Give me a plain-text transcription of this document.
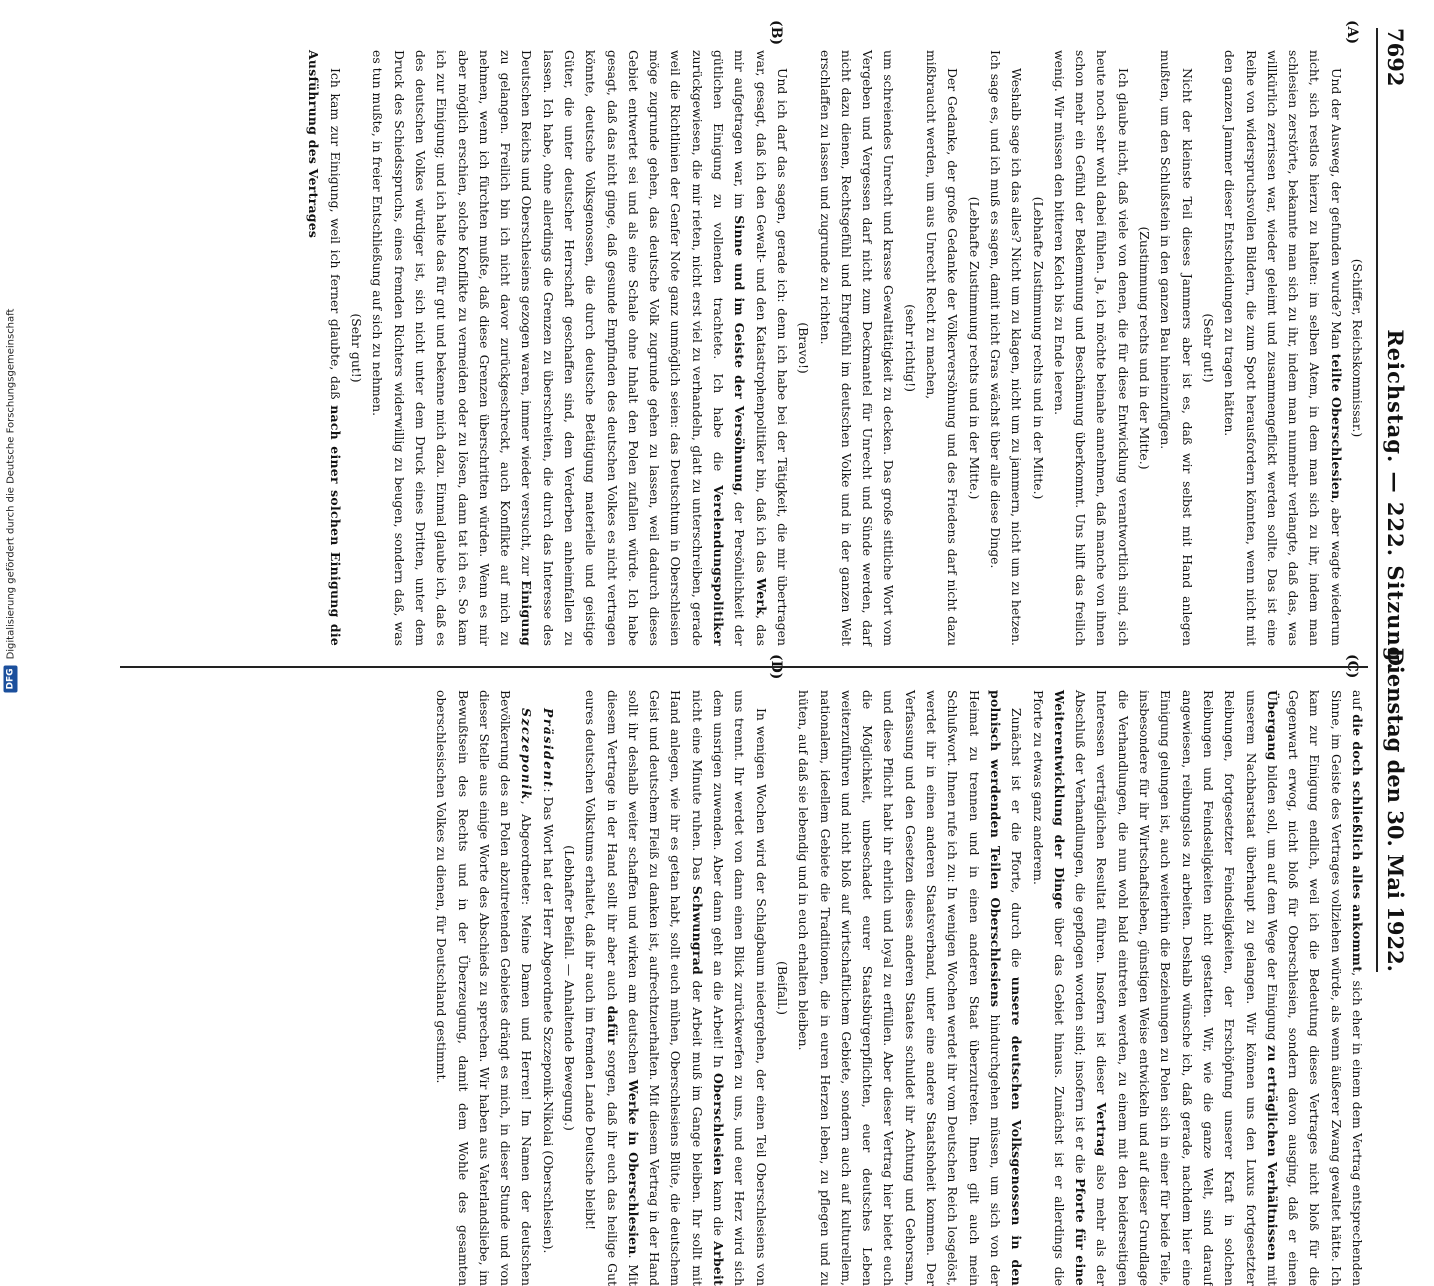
DFGDigitalisierung gefördert durch die Deutsche Forschungsgemeinschaft
7692
Reichstag. — 222. Sitzung.
Dienstag den 30. Mai 1922.
(A)
(B)
(C)
(D)

(Schiffer, Reichskommissar.)

Und der Ausweg, der gefunden wurde? Man teilte Oberschlesien, aber wagte wiederum nicht, sich restlos hierzu zu halten: im selben Atem, in dem man sich zu ihr, indem man schlesien zerstörte, bekannte man sich zu ihr, indem man nunmehr verlangte, daß das, was willkürlich zerrissen war, wieder geleimt und zusammengeflickt werden sollte. Das ist eine Reihe von widerspruchsvollen Bildern, die zum Spott herausfordern könnten, wenn nicht mit den ganzen Jammer dieser Entscheidungen zu tragen hätten.

(Sehr gut!)

Nicht der kleinste Teil dieses Jammers aber ist es, daß wir selbst mit Hand anlegen mußten, um den Schlußstein in den ganzen Bau hineinzufügen.

(Zustimmung rechts und in der Mitte.)

Ich glaube nicht, daß viele von denen, die für diese Entwicklung verantwortlich sind, sich heute noch sehr wohl dabei fühlen. Ja, ich möchte beinahe annehmen, daß manche von ihnen schon mehr ein Gefühl der Beklemmung und Beschämung überkommt. Uns hilft das freilich wenig. Wir müssen den bitteren Kelch bis zu Ende leeren.

(Lebhafte Zustimmung rechts und in der Mitte.)

Weshalb sage ich das alles? Nicht um zu klagen, nicht um zu jammern, nicht um zu hetzen. Ich sage es, und ich muß es sagen, damit nicht Gras wächst über alle diese Dinge.

(Lebhafte Zustimmung rechts und in der Mitte.)

Der Gedanke, der große Gedanke der Völkerversöhnung und des Friedens darf nicht dazu mißbraucht werden, um aus Unrecht Recht zu machen,

(sehr richtig!)

um schreiendes Unrecht und krasse Gewalttätigkeit zu decken. Das große sittliche Wort vom Vergeben und Vergessen darf nicht zum Deckmantel für Unrecht und Sünde werden, darf nicht dazu dienen, Rechtsgefühl und Ehrgefühl im deutschen Volke und in der ganzen Welt erschlaffen zu lassen und zugrunde zu richten.

(Bravo!)

Und ich darf das sagen, gerade ich: denn ich habe bei der Tätigkeit, die mir übertragen war, gesagt, daß ich den Gewalt- und den Katastrophenpolitiker bin, daß ich das Werk, das mir aufgetragen war, im Sinne und im Geiste der Versöhnung, der Persönlichkeit der gütlichen Einigung zu vollenden trachtete. Ich habe die Verelendungspolitiker zurückgewiesen, die mir rieten, nicht erst viel zu verhandeln, glatt zu unterschreiben, gerade weil die Richtlinien der Genfer Note ganz unmöglich seien: das Deutschtum in Oberschlesien möge zugrunde gehen, das deutsche Volk zugrunde gehen zu lassen, weil dadurch dieses Gebiet entwertet sei und als eine Schale ohne Inhalt den Polen zufallen würde. Ich habe gesagt, daß das nicht ginge, daß gesunde Empfinden des deutschen Volkes es nicht vertragen könnte, deutsche Volksgenossen, die durch deutsche Betätigung materielle und geistige Güter, die unter deutscher Herrschaft geschaffen sind, dem Verderben anheimfallen zu lassen. Ich habe, ohne allerdings die Grenzen zu überschreiten, die durch das Interesse des Deutschen Reichs und Oberschlesiens gezogen waren, immer wieder versucht, zur Einigung zu gelangen. Freilich bin ich nicht davor zurückgeschreckt, auch Konflikte auf mich zu nehmen, wenn ich fürchten mußte, daß diese Grenzen überschritten würden. Wenn es mir aber möglich erschien, solche Konflikte zu vermeiden oder zu lösen, dann tat ich es. So kam ich zur Einigung; und ich halte das für gut und bekenne mich dazu. Einmal glaube ich, daß es des deutschen Volkes würdiger ist, sich nicht unter dem Druck eines Dritten, unter dem Druck des Schiedsspruchs, eines fremden Richters widerwillig zu beugen, sondern daß, was es tun mußte, in freier Entschließung auf sich zu nehmen.

(Sehr gut!)

Ich kam zur Einigung, weil ich ferner glaubte, daß nach einer solchen Einigung die Ausführung des Vertrages

auf die doch schließlich alles ankommt, sich eher in einem dem Vertrag entsprechenden Sinne, im Geiste des Vertrages vollziehen würde, als wenn äußerer Zwang gewaltet hätte. Ich kam zur Einigung endlich, weil ich die Bedeutung dieses Vertrages nicht bloß für die Gegenwart erwog, nicht bloß für Oberschlesien, sondern davon ausging, daß er einen Übergang bilden soll, um auf dem Wege der Einigung zu erträglichen Verhältnissen mit unserem Nachbarstaat überhaupt zu gelangen. Wir können uns den Luxus fortgesetzter Reibungen, fortgesetzter Feindseligkeiten, der Erschöpfung unserer Kraft in solchen Reibungen und Feindseligkeiten nicht gestatten. Wir, wie die ganze Welt, sind darauf angewiesen, reibungslos zu arbeiten. Deshalb wünsche ich, daß gerade, nachdem hier eine Einigung gelungen ist, auch weiterhin die Beziehungen zu Polen sich in einer für beide Teile, insbesondere für ihr Wirtschaftsleben, günstigen Weise entwickeln und auf dieser Grundlage die Verhandlungen, die nun wohl bald eintreten werden, zu einem mit den beiderseitigen Interessen verträglichen Resultat führen. Insofern ist dieser Vertrag also mehr als der Abschluß der Verhandlungen, die gepflogen worden sind; insofern ist er die Pforte für eine Weiterentwicklung der Dinge über das Gebiet hinaus. Zunächst ist er allerdings die Pforte zu etwas ganz anderem.

Zunächst ist er die Pforte, durch die unsere deutschen Volksgenossen in den polnisch werdenden Teilen Oberschlesiens hindurchgehen müssen, um sich von der Heimat zu trennen und in einen anderen Staat überzutreten. Ihnen gilt auch mein Schlußwort. Ihnen rufe ich zu: In wenigen Wochen werdet ihr vom Deutschen Reich losgelöst, werdet ihr in einen anderen Staatsverband, unter eine andere Staatshoheit kommen. Der Verfassung und den Gesetzen dieses anderen Staates schuldet ihr Achtung und Gehorsam, und diese Pflicht habt ihr ehrlich und loyal zu erfüllen. Aber dieser Vertrag hier bietet euch die Möglichkeit, unbeschadet eurer Staatsbürgerpflichten, euer deutsches Leben weiterzuführen und nicht bloß auf wirtschaftlichem Gebiete, sondern auch auf kulturellem, nationalem, ideellem Gebiete die Traditionen, die in euren Herzen leben, zu pflegen und zu hüten, auf daß sie lebendig und in euch erhalten bleiben.

(Beifall.)

In wenigen Wochen wird der Schlagbaum niedergehen, der einen Teil Oberschlesiens von uns trennt. Ihr werdet von dann einen Blick zurückwerfen zu uns, und euer Herz wird sich dem unsrigen zuwenden. Aber dann geht an die Arbeit! In Oberschlesien kann die Arbeit nicht eine Minute ruhen. Das Schwungrad der Arbeit muß im Gange bleiben. Ihr sollt mit Hand anlegen, wie ihr es getan habt, sollt euch mühen, Oberschlesiens Blüte, die deutschem Geist und deutschem Fleiß zu danken ist, aufrechtzuerhalten. Mit diesem Vertrag in der Hand sollt ihr deshalb weiter schaffen und wirken am deutschen Werke in Oberschlesien. Mit diesem Vertrage in der Hand sollt ihr aber auch dafür sorgen, daß ihr euch das heilige Gut eures deutschen Volkstums erhaltet, daß ihr auch im fremden Lande Deutsche bleibt!

(Lebhafter Beifall. — Anhaltende Bewegung.)

Präsident: Das Wort hat der Herr Abgeordnete Szczeponik-Nikolai (Oberschlesien).

Szczeponik, Abgeordneter: Meine Damen und Herren! Im Namen der deutschen Bevölkerung des an Polen abzutretenden Gebietes drängt es mich, in dieser Stunde und von dieser Stelle aus einige Worte des Abschieds zu sprechen. Wir haben aus Vaterlandsliebe, im Bewußtsein des Rechts und in der Überzeugung, damit dem Wohle des gesamten oberschlesischen Volkes zu dienen, für Deutschland gestimmt.
